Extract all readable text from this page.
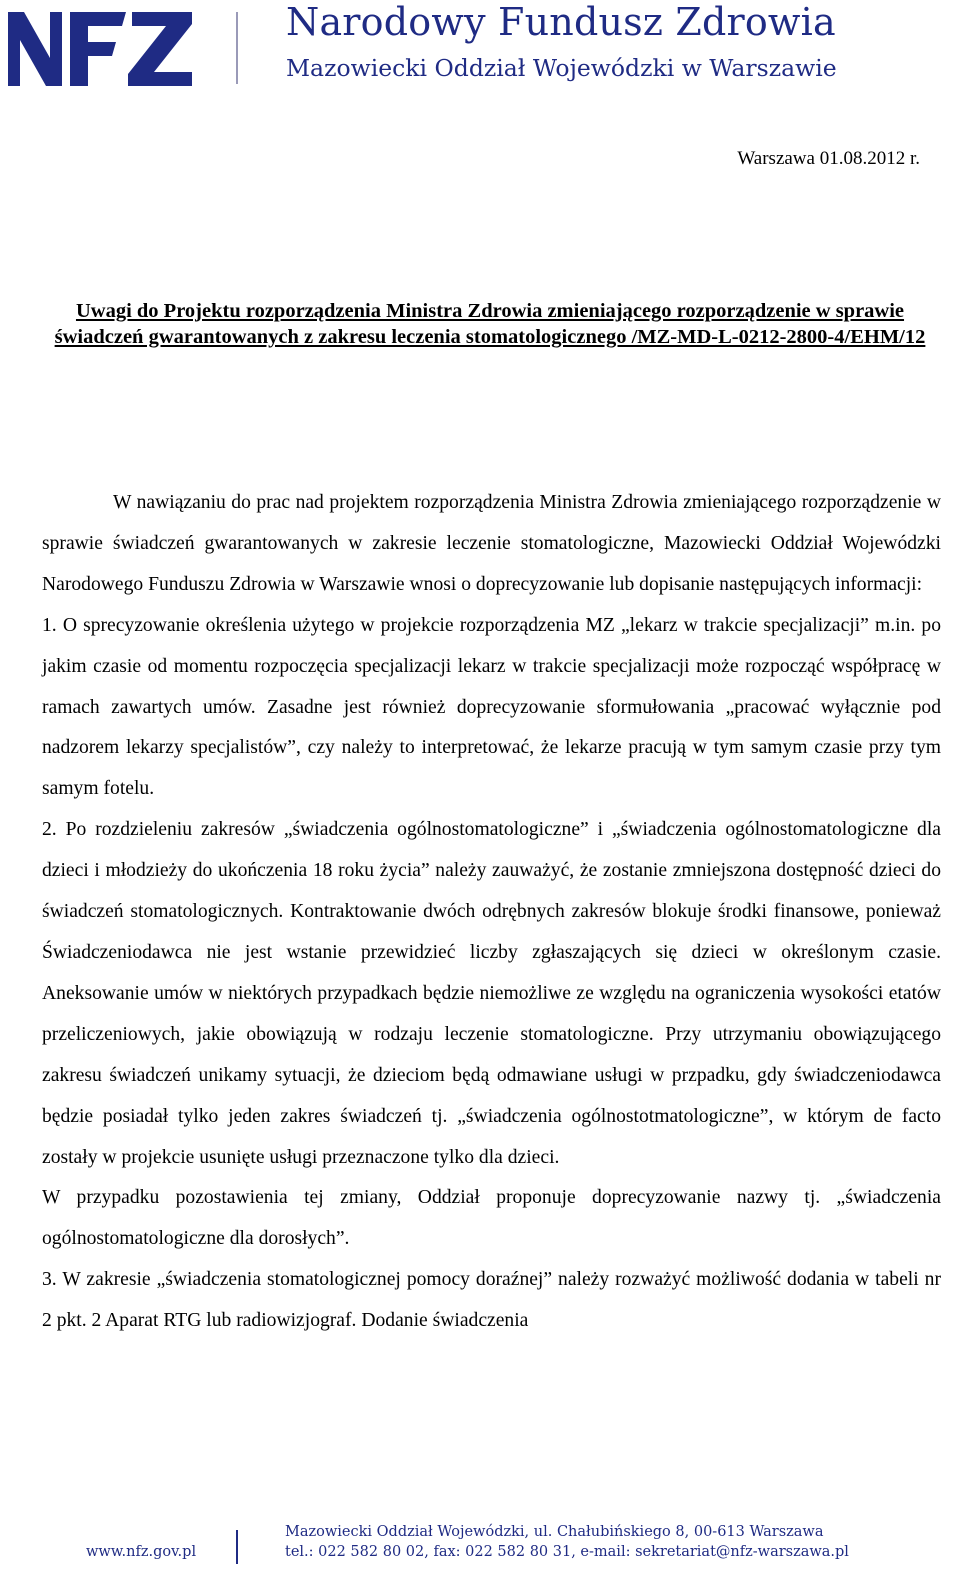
Narodowy Fundusz Zdrowia
Mazowiecki Oddział Wojewódzki w Warszawie
Warszawa 01.08.2012 r.
Uwagi do Projektu rozporządzenia Ministra Zdrowia zmieniającego rozporządzenie w sprawie świadczeń gwarantowanych z zakresu leczenia stomatologicznego /MZ-MD-L-0212-2800-4/EHM/12

W nawiązaniu do prac nad projektem rozporządzenia Ministra Zdrowia zmieniającego rozporządzenie w sprawie świadczeń gwarantowanych w zakresie leczenie stomatologiczne, Mazowiecki Oddział Wojewódzki Narodowego Funduszu Zdrowia w Warszawie wnosi o doprecyzowanie lub dopisanie następujących informacji:

1. O sprecyzowanie określenia użytego w projekcie rozporządzenia MZ „lekarz w trakcie specjalizacji” m.in. po jakim czasie od momentu rozpoczęcia specjalizacji lekarz w trakcie specjalizacji może rozpocząć współpracę w ramach zawartych umów. Zasadne jest również doprecyzowanie sformułowania „pracować wyłącznie pod nadzorem lekarzy specjalistów”, czy należy to interpretować, że lekarze pracują w tym samym czasie przy tym samym fotelu.

2. Po rozdzieleniu zakresów „świadczenia ogólnostomatologiczne” i „świadczenia ogólnostomatologiczne dla dzieci i młodzieży do ukończenia 18 roku życia” należy zauważyć, że zostanie zmniejszona dostępność dzieci do świadczeń stomatologicznych. Kontraktowanie dwóch odrębnych zakresów blokuje środki finansowe, ponieważ Świadczeniodawca nie jest wstanie przewidzieć liczby zgłaszających się dzieci w określonym czasie. Aneksowanie umów w niektórych przypadkach będzie niemożliwe ze względu na ograniczenia wysokości etatów przeliczeniowych, jakie obowiązują w rodzaju leczenie stomatologiczne. Przy utrzymaniu obowiązującego zakresu świadczeń unikamy sytuacji, że dzieciom będą odmawiane usługi w przpadku, gdy świadczeniodawca będzie posiadał tylko jeden zakres świadczeń tj. „świadczenia ogólnostotmatologiczne”, w którym de facto zostały w projekcie usunięte usługi przeznaczone tylko dla dzieci.

W przypadku pozostawienia tej zmiany, Oddział proponuje doprecyzowanie nazwy tj. „świadczenia ogólnostomatologiczne dla dorosłych”.

3. W zakresie „świadczenia stomatologicznej pomocy doraźnej” należy rozważyć możliwość dodania w tabeli nr 2 pkt. 2 Aparat RTG lub radiowizjograf. Dodanie świadczenia

www.nfz.gov.pl
Mazowiecki Oddział Wojewódzki, ul. Chałubińskiego 8, 00-613 Warszawa
tel.: 022 582 80 02, fax: 022 582 80 31, e-mail: sekretariat@nfz-warszawa.pl
